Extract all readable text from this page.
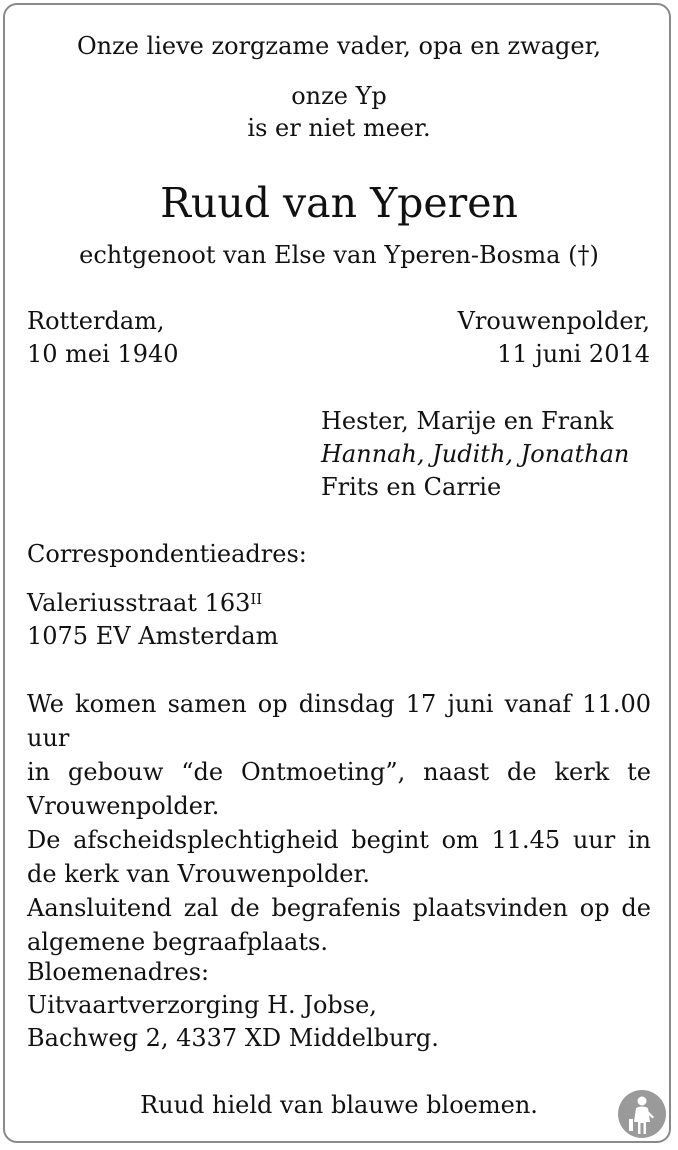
Onze lieve zorgzame vader, opa en zwager,
onze Yp
is er niet meer.
Ruud van Yperen
echtgenoot van Else van Yperen-Bosma (†)
Rotterdam,
10 mei 1940
Vrouwenpolder,
11 juni 2014
Hester, Marije en Frank
Hannah, Judith, Jonathan
Frits en Carrie
Correspondentieadres:
Valeriusstraat $163^{II}$
1075 EV Amsterdam
We komen samen op dinsdag 17 juni vanaf 11.00 uur
in gebouw “de Ontmoeting”, naast de kerk te
Vrouwenpolder.
De afscheidsplechtigheid begint om 11.45 uur in
de kerk van Vrouwenpolder.
Aansluitend zal de begrafenis plaatsvinden op de
algemene begraafplaats.
Bloemenadres:
Uitvaartverzorging H. Jobse,
Bachweg 2, 4337 XD Middelburg.
Ruud hield van blauwe bloemen.
